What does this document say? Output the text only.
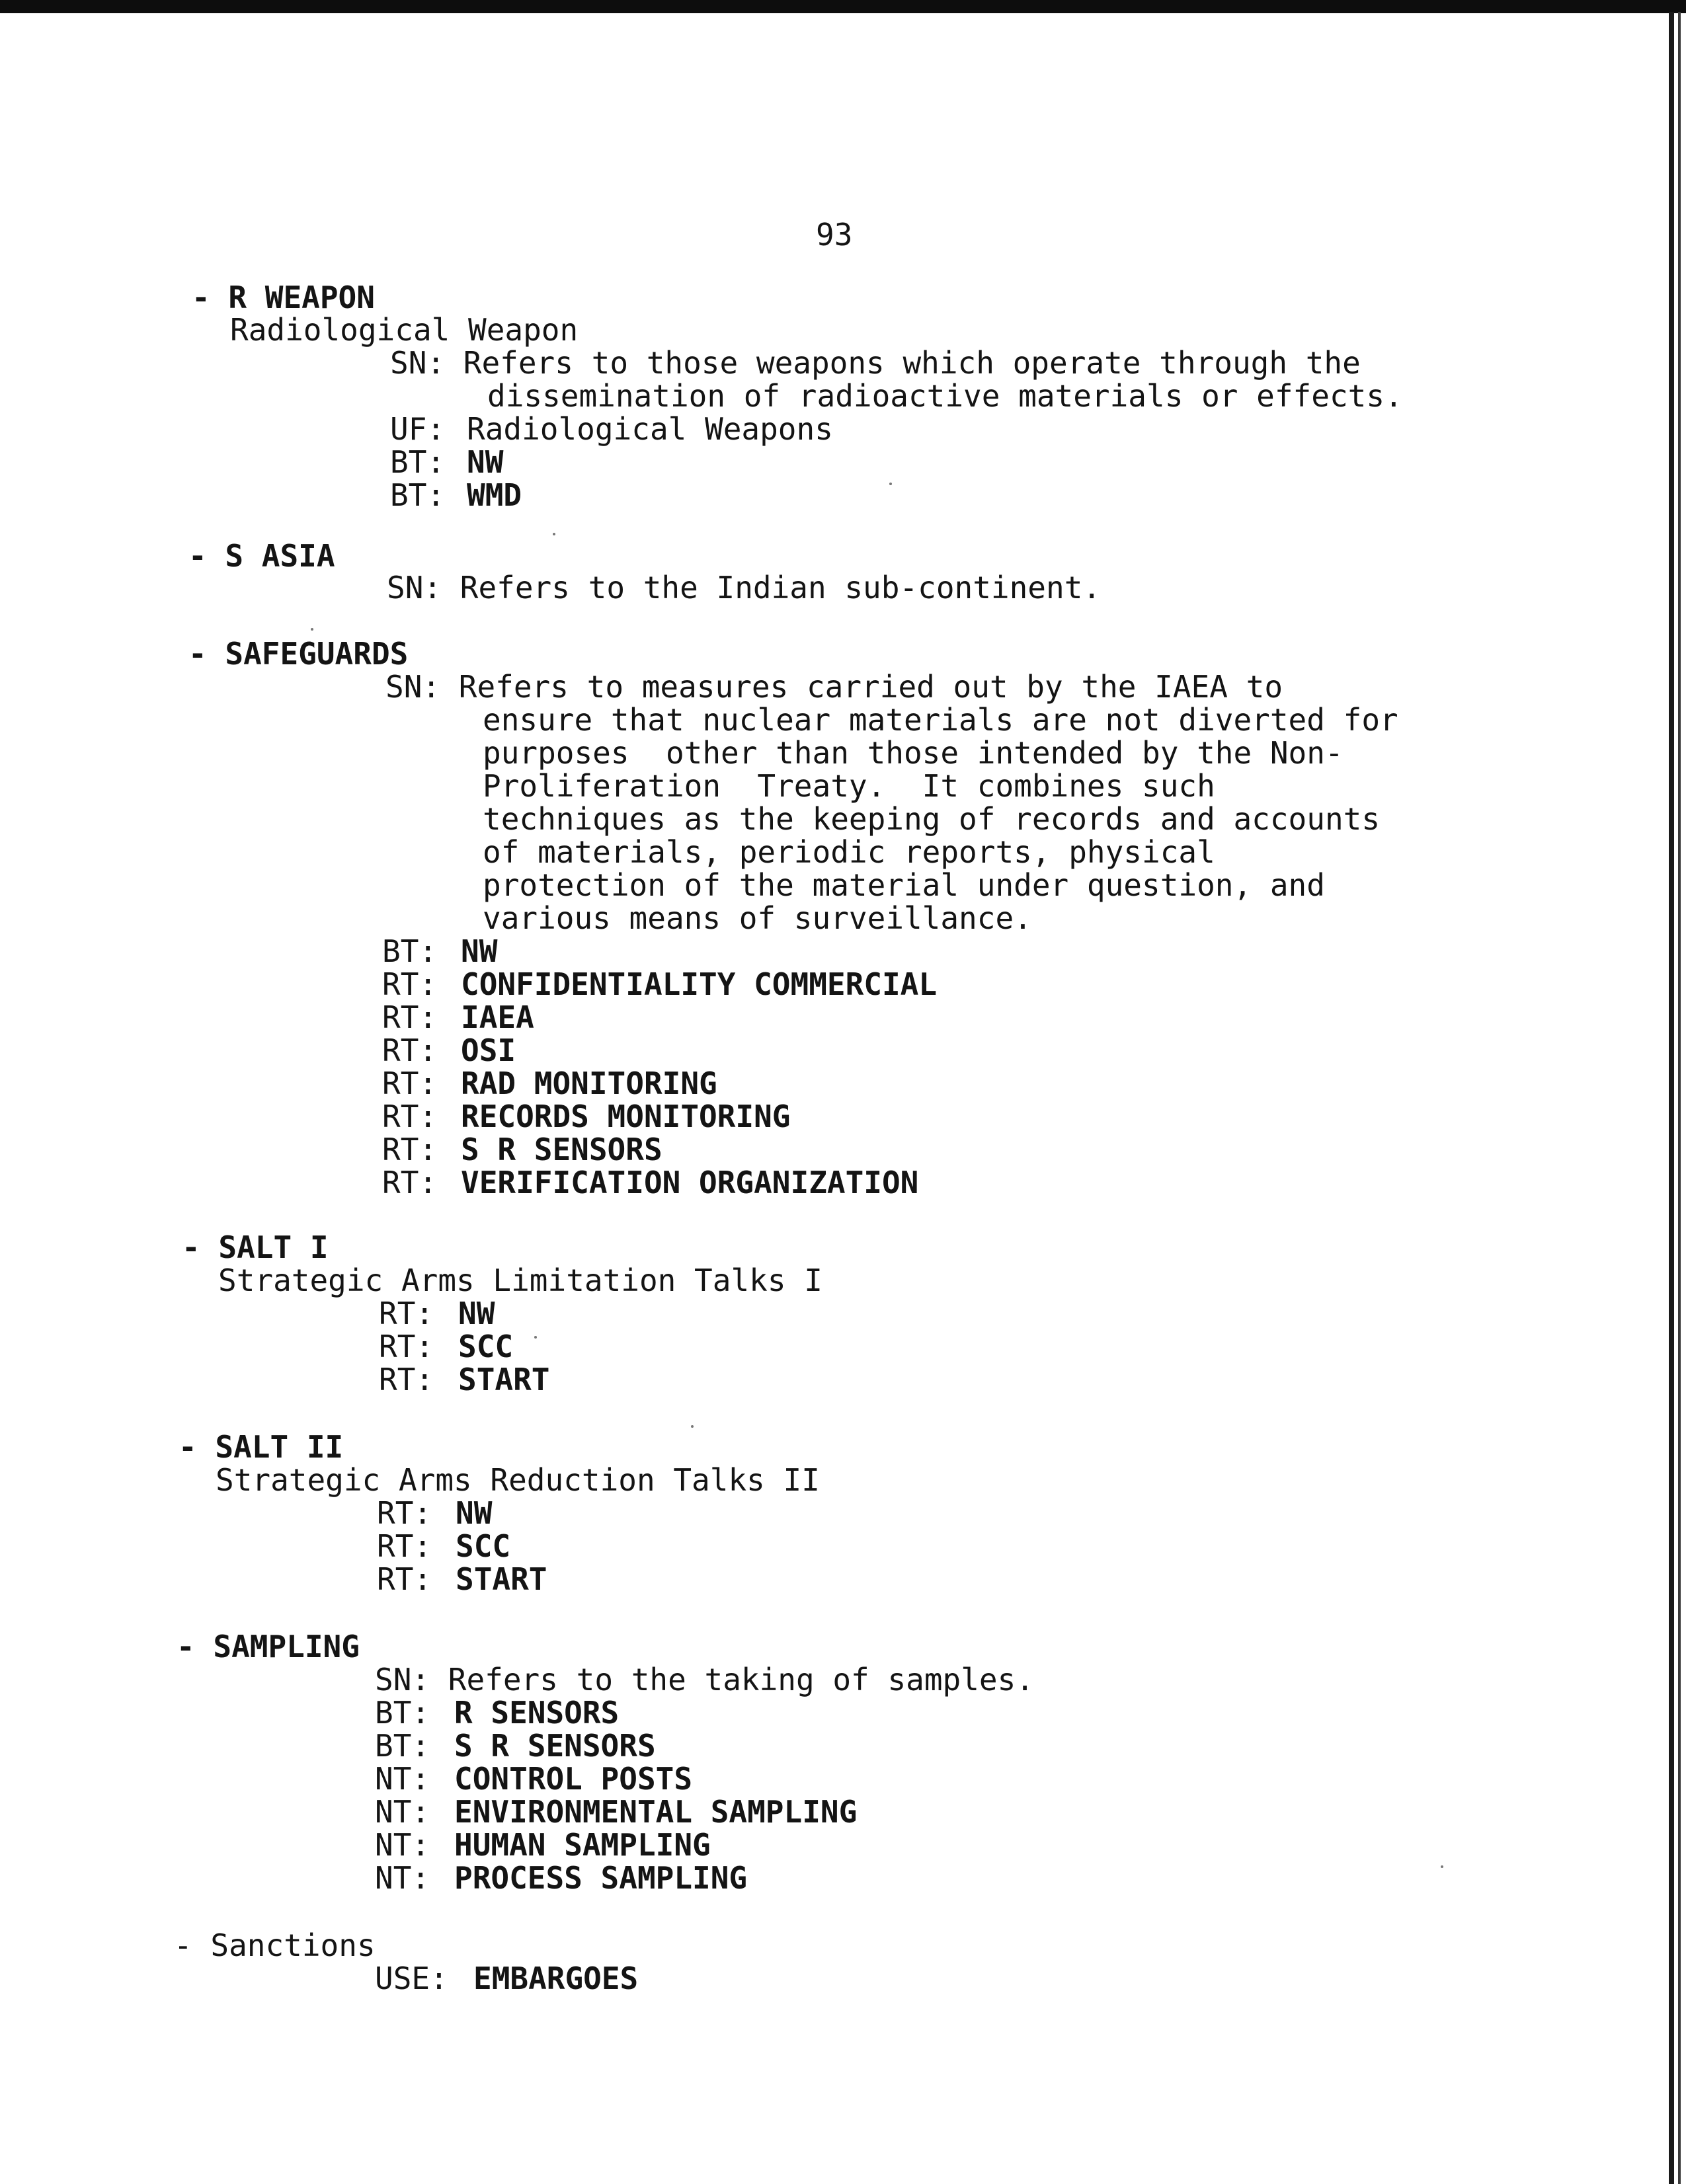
93
- R WEAPON
Radiological Weapon
SN: Refers to those weapons which operate through the
dissemination of radioactive materials or effects.
UF: Radiological Weapons
BT: NW
BT: WMD
- S ASIA
SN: Refers to the Indian sub-continent.
- SAFEGUARDS
SN: Refers to measures carried out by the IAEA to
ensure that nuclear materials are not diverted for
purposes  other than those intended by the Non-
Proliferation  Treaty.  It combines such
techniques as the keeping of records and accounts
of materials, periodic reports, physical
protection of the material under question, and
various means of surveillance.
BT: NW
RT: CONFIDENTIALITY COMMERCIAL
RT: IAEA
RT: OSI
RT: RAD MONITORING
RT: RECORDS MONITORING
RT: S R SENSORS
RT: VERIFICATION ORGANIZATION
- SALT I
Strategic Arms Limitation Talks I
RT: NW
RT: SCC
RT: START
- SALT II
Strategic Arms Reduction Talks II
RT: NW
RT: SCC
RT: START
- SAMPLING
SN: Refers to the taking of samples.
BT: R SENSORS
BT: S R SENSORS
NT: CONTROL POSTS
NT: ENVIRONMENTAL SAMPLING
NT: HUMAN SAMPLING
NT: PROCESS SAMPLING
- Sanctions
USE: EMBARGOES
